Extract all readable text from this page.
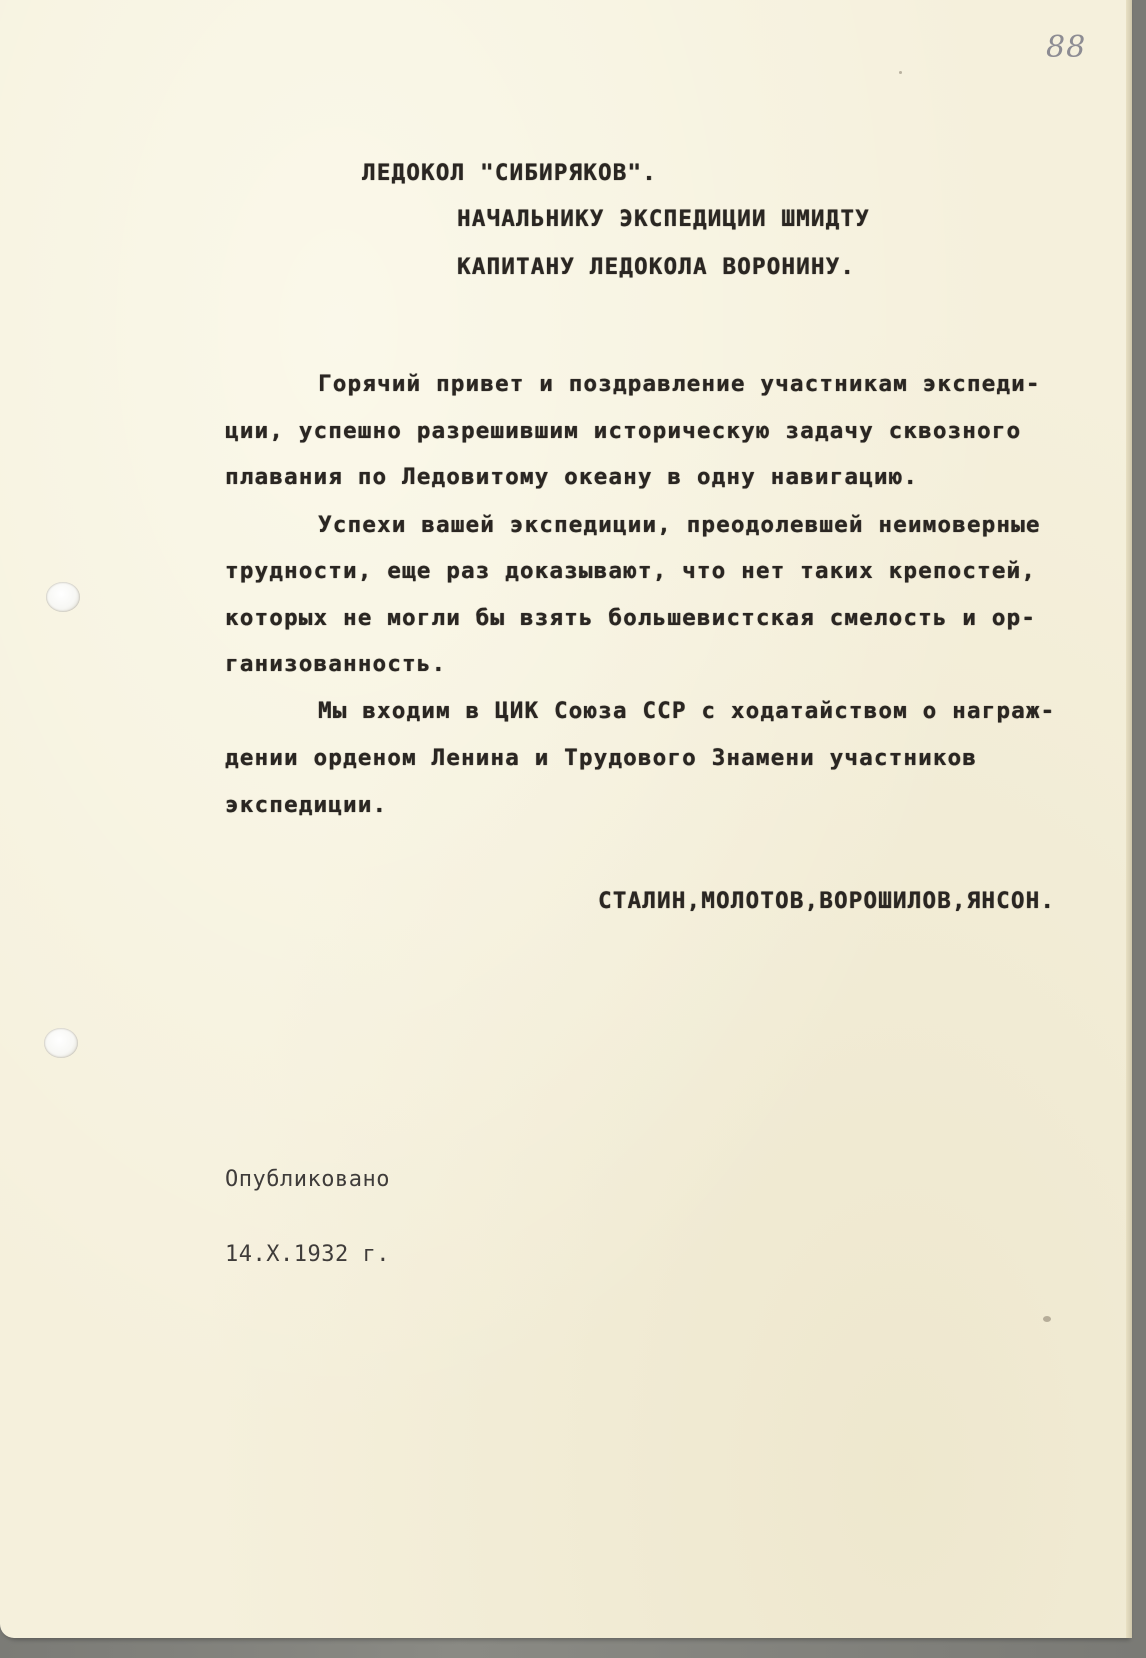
88

ЛЕДОКОЛ "СИБИРЯКОВ".

НАЧАЛЬНИКУ ЭКСПЕДИЦИИ ШМИДТУ

КАПИТАНУ ЛЕДОКОЛА ВОРОНИНУ.

Горячий привет и поздравление участникам экспеди-

ции, успешно разрешившим историческую задачу сквозного

плавания по Ледовитому океану в одну навигацию.

Успехи вашей экспедиции, преодолевшей неимоверные

трудности, еще раз доказывают, что нет таких крепостей,

которых не могли бы взять большевистская смелость и ор-

ганизованность.

Мы входим в ЦИК Союза ССР с ходатайством о награж-

дении орденом Ленина и Трудового Знамени участников

экспедиции.

СТАЛИН,МОЛОТОВ,ВОРОШИЛОВ,ЯНСОН.

Опубликовано

14.X.1932 г.
